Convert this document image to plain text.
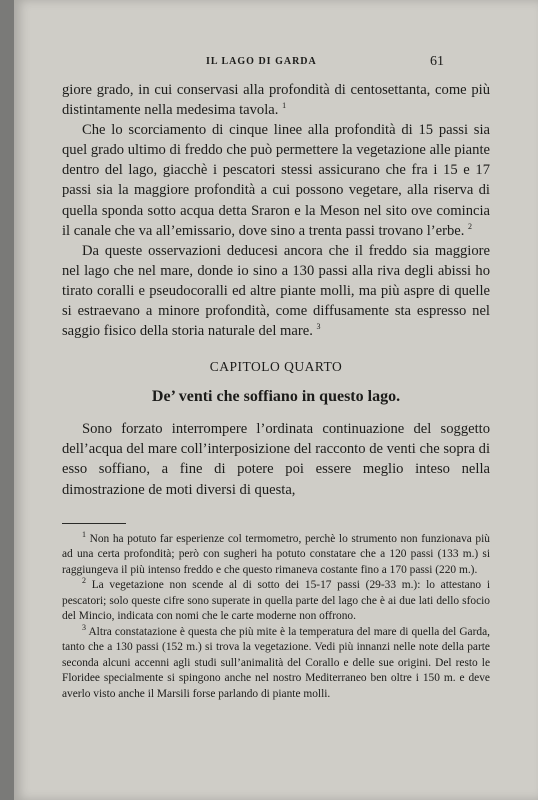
IL LAGO DI GARDA	61

giore grado, in cui conservasi alla profondità di centosettanta, come più distintamente nella medesima tavola. $^1$

Che lo scorciamento di cinque linee alla profondità di 15 passi sia quel grado ultimo di freddo che può permettere la vegetazione alle piante dentro del lago, giacchè i pescatori stessi assicurano che fra i 15 e 17 passi sia la maggiore profondità a cui possono vegetare, alla riserva di quella sponda sotto acqua detta Sraron e la Meson nel sito ove comincia il canale che va all’emissario, dove sino a trenta passi trovano l’erbe. $^2$

Da queste osservazioni deducesi ancora che il freddo sia maggiore nel lago che nel mare, donde io sino a 130 passi alla riva degli abissi ho tirato coralli e pseudocoralli ed altre piante molli, ma più aspre di quelle si estraevano a minore profondità, come diffusamente sta espresso nel saggio fisico della storia naturale del mare. $^3$

CAPITOLO QUARTO
De’ venti che soffiano in questo lago.

Sono forzato interrompere l’ordinata continuazione del soggetto dell’acqua del mare coll’interposizione del racconto de venti che sopra di esso soffiano, a fine di potere poi essere meglio inteso nella dimostrazione de moti diversi di questa,

$^1$ Non ha potuto far esperienze col termometro, perchè lo strumento non funzionava più ad una certa profondità; però con sugheri ha potuto constatare che a 120 passi (133 m.) si raggiungeva il più intenso freddo e che questo rimaneva costante fino a 170 passi (220 m.).

$^2$ La vegetazione non scende al di sotto dei 15-17 passi (29-33 m.): lo attestano i pescatori; solo queste cifre sono superate in quella parte del lago che è ai due lati dello sfocio del Mincio, indicata con nomi che le carte moderne non offrono.

$^3$ Altra constatazione è questa che più mite è la temperatura del mare di quella del Garda, tanto che a 130 passi (152 m.) si trova la vegetazione. Vedi più innanzi nelle note della parte seconda alcuni accenni agli studi sull’animalità del Corallo e delle sue origini. Del resto le Floridee specialmente si spingono anche nel nostro Mediterraneo ben oltre i 150 m. e deve averlo visto anche il Marsili forse parlando di piante molli.
